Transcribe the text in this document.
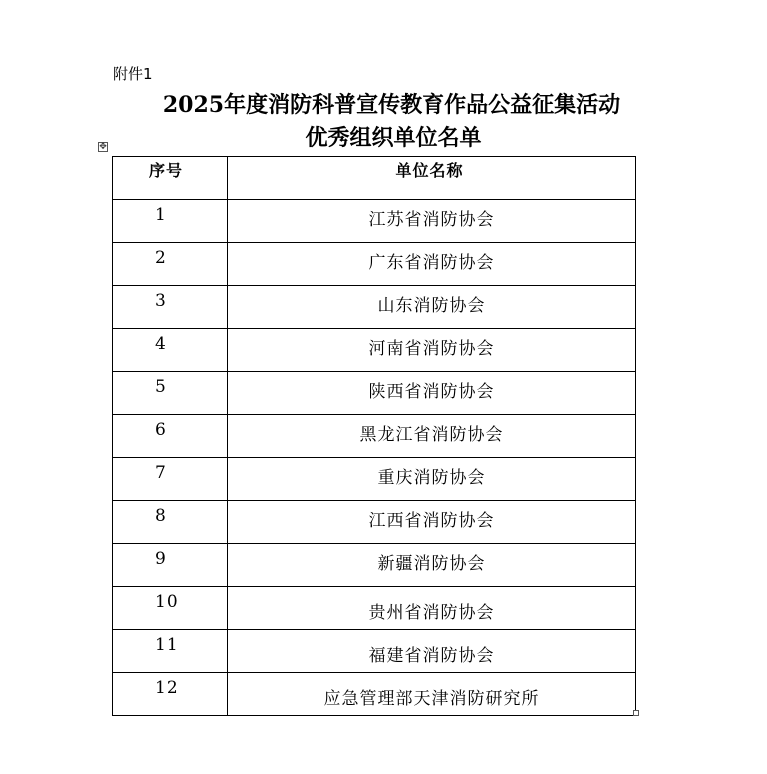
附件1
2025年度消防科普宣传教育作品公益征集活动
优秀组织单位名单
✥
序号	单位名称

1	江苏省消防协会

2	广东省消防协会

3	山东消防协会

4	河南省消防协会

5	陕西省消防协会

6	黑龙江省消防协会

7	重庆消防协会

8	江西省消防协会

9	新疆消防协会

10	贵州省消防协会

11	福建省消防协会

12	应急管理部天津消防研究所
